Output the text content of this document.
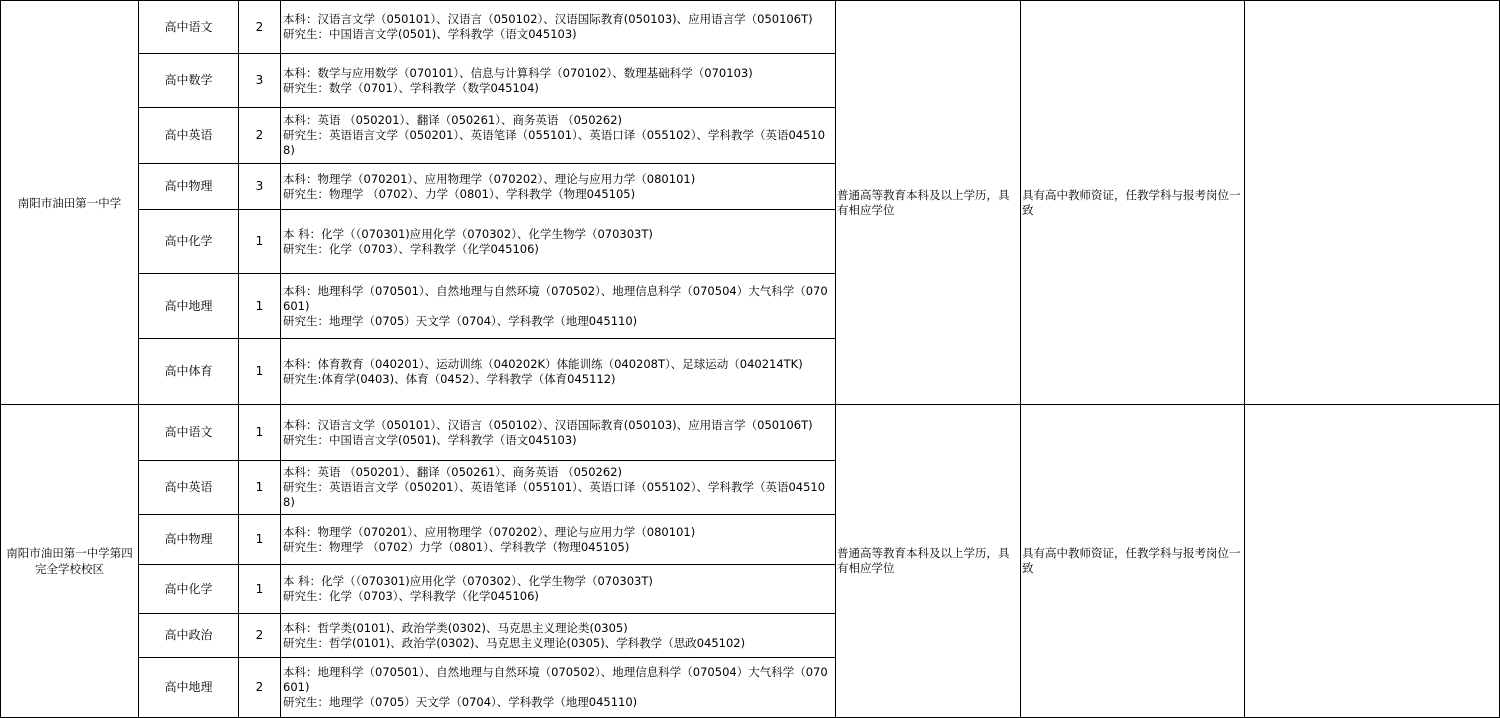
南阳市油田第一中学	高中语文	2	本科：汉语言文学（050101）、汉语言（050102）、汉语国际教育(050103)、应用语言学（050106T)
研究生：中国语言文学(0501)、学科教学（语文045103)	普通高等教育本科及以上学历，具有相应学位	具有高中教师资证，任教学科与报考岗位一致	
	高中数学	3	本科：数学与应用数学（070101）、信息与计算科学（070102）、数理基础科学（070103)
研究生：数学（0701）、学科教学（数学045104)			

	高中英语	2	本科：英语 （050201）、翻译（050261）、商务英语 （050262)
研究生：英语语言文学（050201）、英语笔译（055101）、英语口译（055102）、学科教学（英语045108)			

	高中物理	3	本科：物理学（070201）、应用物理学（070202）、理论与应用力学（080101)
研究生：物理学 （0702）、力学（0801）、学科教学（物理045105)			

	高中化学	1	本 科：化学（（070301)应用化学（070302）、化学生物学（070303T)
研究生：化学（0703）、学科教学（化学045106)			

	高中地理	1	本科：地理科学（070501）、自然地理与自然环境（070502）、地理信息科学（070504）大气科学（070601)
研究生：地理学（0705）天文学（0704）、学科教学（地理045110)			

	高中体育	1	本科：体育教育（040201）、运动训练（040202K）体能训练（040208T）、足球运动（040214TK)
研究生:体育学(0403)、体育（0452）、学科教学（体育045112)			

南阳市油田第一中学第四完全学校校区	高中语文	1	本科：汉语言文学（050101）、汉语言（050102）、汉语国际教育(050103)、应用语言学（050106T)
研究生：中国语言文学(0501)、学科教学（语文045103)	普通高等教育本科及以上学历，具有相应学位	具有高中教师资证，任教学科与报考岗位一致	
	高中英语	1	本科：英语 （050201）、翻译（050261）、商务英语 （050262)
研究生：英语语言文学（050201）、英语笔译（055101）、英语口译（055102）、学科教学（英语045108)			

	高中物理	1	本科：物理学（070201）、应用物理学（070202）、理论与应用力学（080101)
研究生：物理学 （0702）力学（0801）、学科教学（物理045105)			

	高中化学	1	本 科：化学（（070301)应用化学（070302）、化学生物学（070303T)
研究生：化学（0703）、学科教学（化学045106)			

	高中政治	2	本科：哲学类(0101)、政治学类(0302)、马克思主义理论类(0305)
研究生：哲学(0101)、政治学(0302)、马克思主义理论(0305)、学科教学（思政045102)			

	高中地理	2	本科：地理科学（070501）、自然地理与自然环境（070502）、地理信息科学（070504）大气科学（070601)
研究生：地理学（0705）天文学（0704）、学科教学（地理045110)			
